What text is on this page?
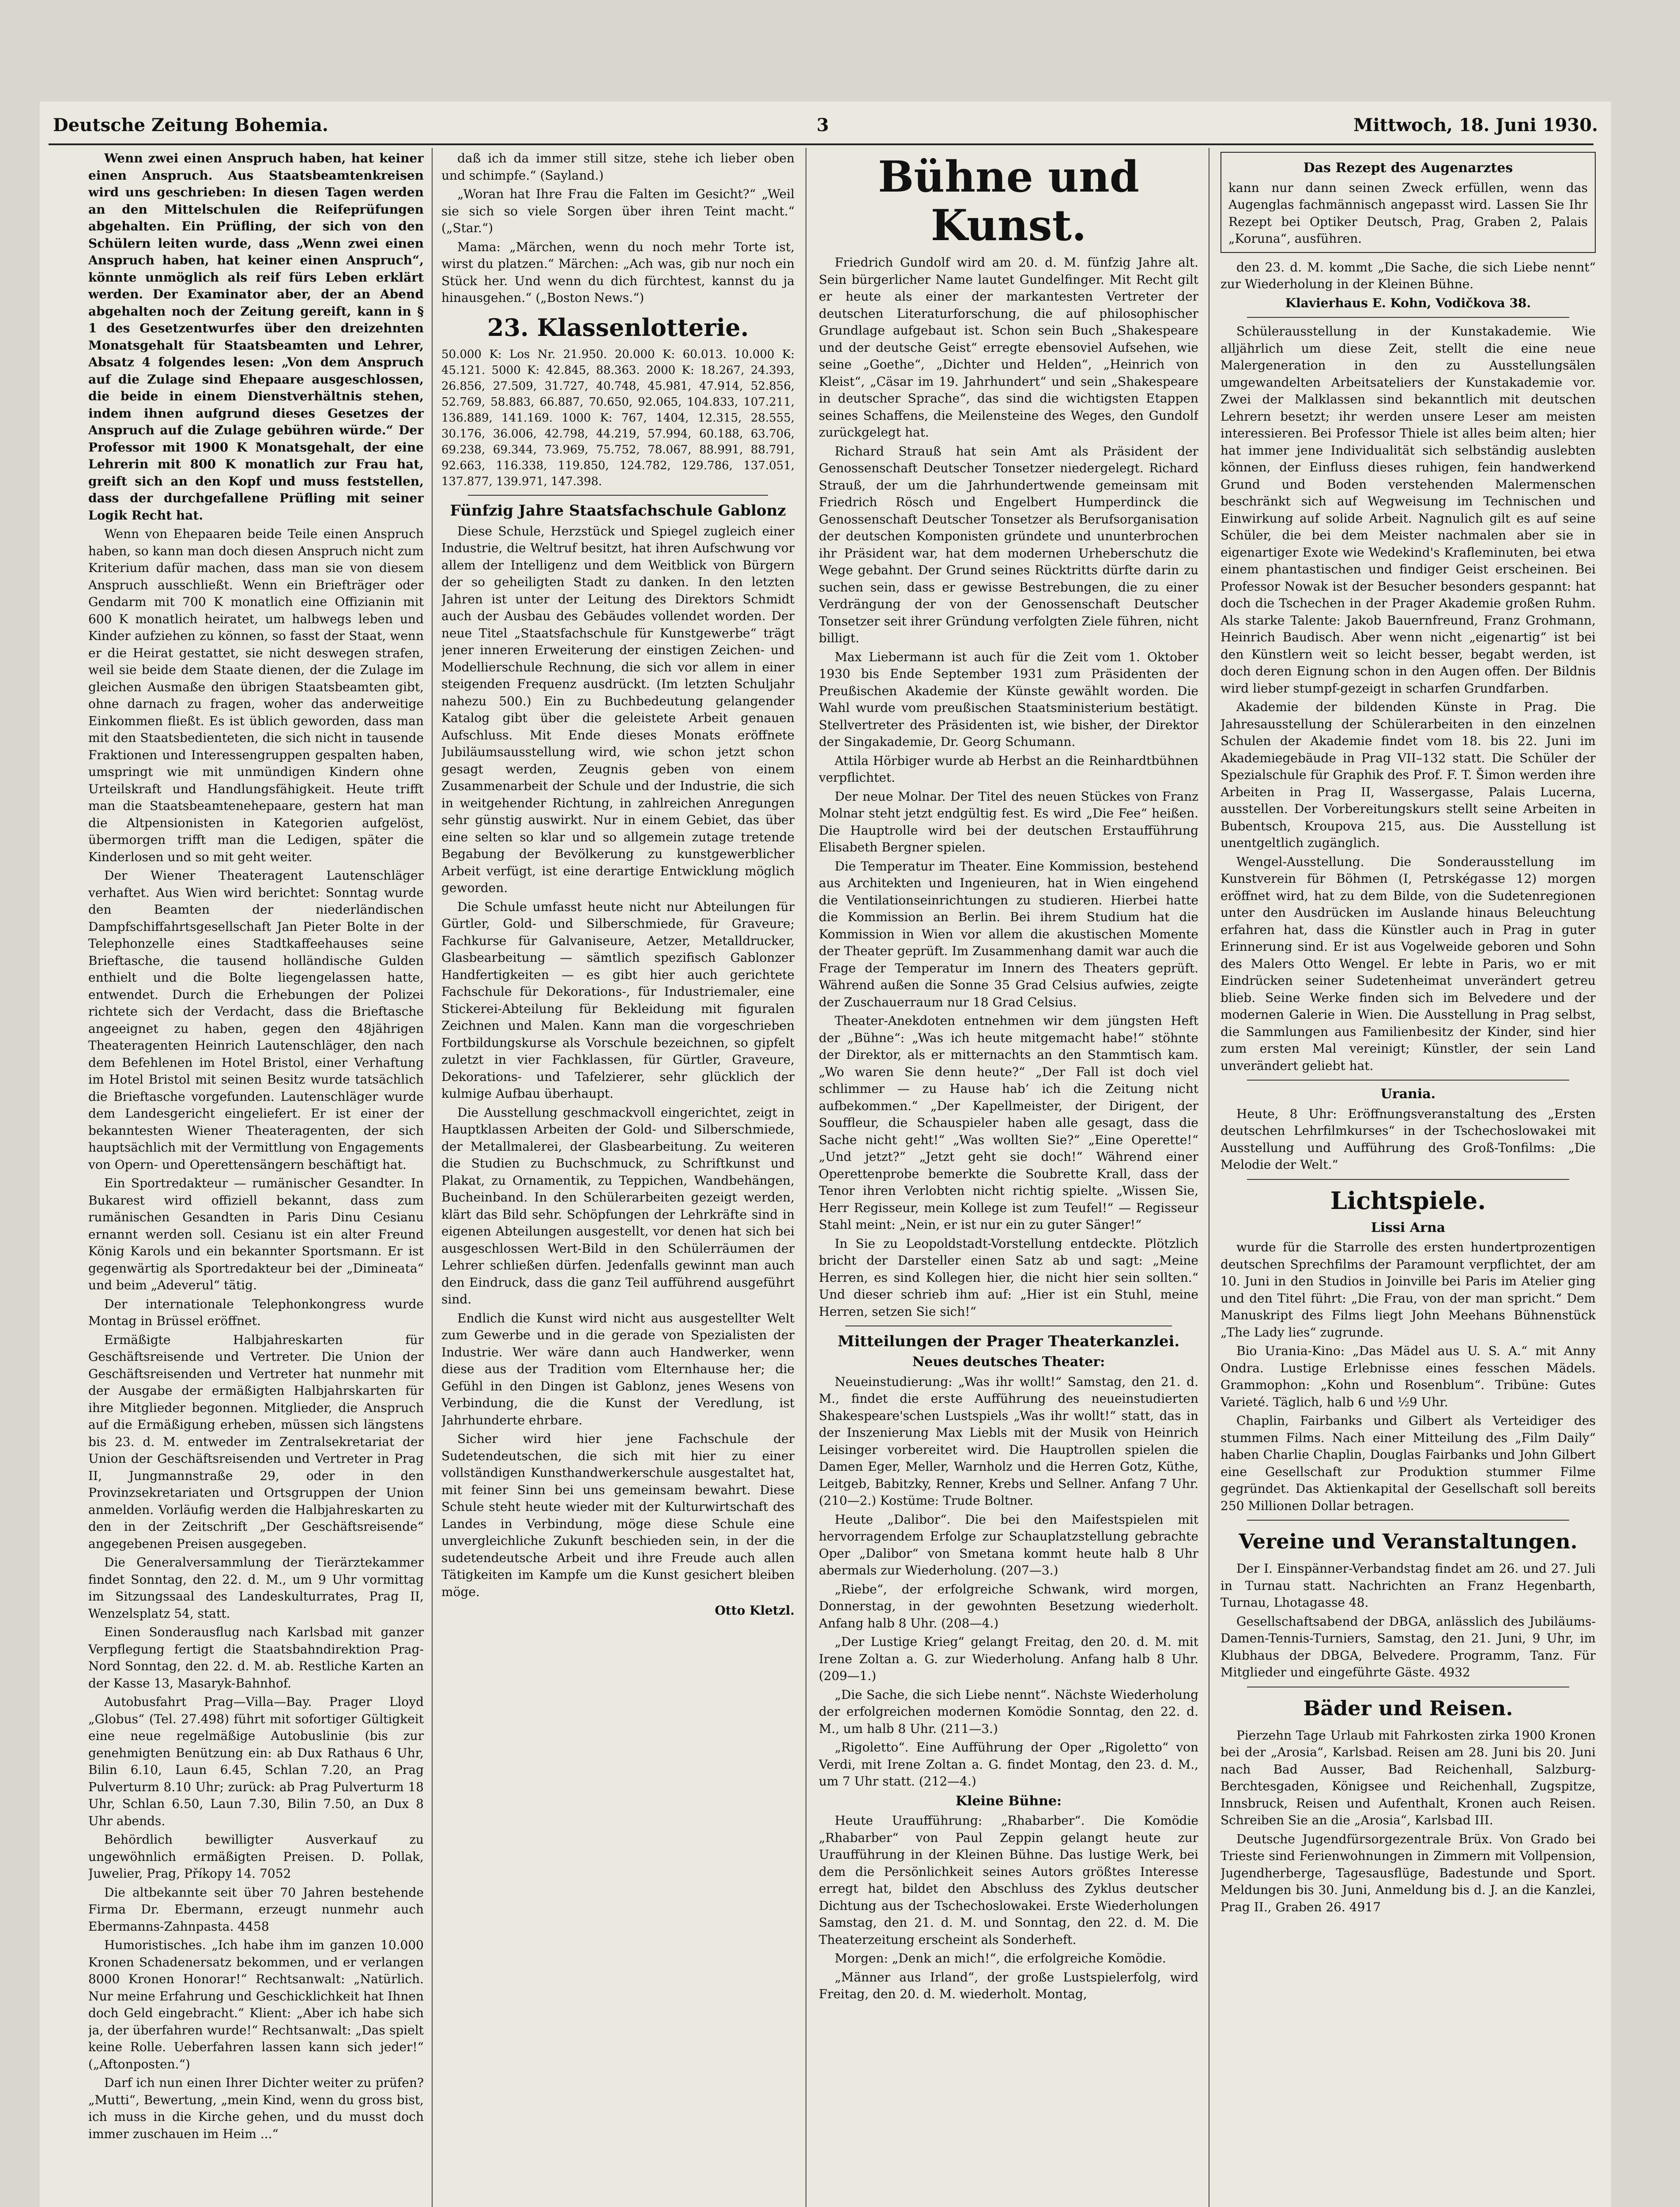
Deutsche Zeitung Bohemia.	3	Mittwoch, 18. Juni 1930.

Wenn zwei einen Anspruch haben, hat keiner einen Anspruch. Aus Staatsbeamtenkreisen wird uns geschrieben: In diesen Tagen werden an den Mittelschulen die Reifeprüfungen abgehalten. Ein Prüfling, der sich von den Schülern leiten wurde, dass „Wenn zwei einen Anspruch haben, hat keiner einen Anspruch“, könnte unmöglich als reif fürs Leben erklärt werden. Der Examinator aber, der an Abend abgehalten noch der Zeitung gereift, kann in § 1 des Gesetzentwurfes über den dreizehnten Monatsgehalt für Staatsbeamten und Lehrer, Absatz 4 folgendes lesen: „Von dem Anspruch auf die Zulage sind Ehepaare ausgeschlossen, die beide in einem Dienstverhältnis stehen, indem ihnen aufgrund dieses Gesetzes der Anspruch auf die Zulage gebühren würde.“ Der Professor mit 1900 K Monatsgehalt, der eine Lehrerin mit 800 K monatlich zur Frau hat, greift sich an den Kopf und muss feststellen, dass der durchgefallene Prüfling mit seiner Logik Recht hat.

Wenn von Ehepaaren beide Teile einen Anspruch haben, so kann man doch diesen Anspruch nicht zum Kriterium dafür machen, dass man sie von diesem Anspruch ausschließt. Wenn ein Briefträger oder Gendarm mit 700 K monatlich eine Offizianin mit 600 K monatlich heiratet, um halbwegs leben und Kinder aufziehen zu können, so fasst der Staat, wenn er die Heirat gestattet, sie nicht deswegen strafen, weil sie beide dem Staate dienen, der die Zulage im gleichen Ausmaße den übrigen Staatsbeamten gibt, ohne darnach zu fragen, woher das anderweitige Einkommen fließt. Es ist üblich geworden, dass man mit den Staatsbedienteten, die sich nicht in tausende Fraktionen und Interessengruppen gespalten haben, umspringt wie mit unmündigen Kindern ohne Urteilskraft und Handlungsfähigkeit. Heute trifft man die Staatsbeamtenehepaare, gestern hat man die Altpensionisten in Kategorien aufgelöst, übermorgen trifft man die Ledigen, später die Kinderlosen und so mit geht weiter.

Der Wiener Theateragent Lautenschläger verhaftet. Aus Wien wird berichtet: Sonntag wurde den Beamten der niederländischen Dampfschiffahrtsgesellschaft Jan Pieter Bolte in der Telephonzelle eines Stadtkaffeehauses seine Brieftasche, die tausend holländische Gulden enthielt und die Bolte liegengelassen hatte, entwendet. Durch die Erhebungen der Polizei richtete sich der Verdacht, dass die Brieftasche angeeignet zu haben, gegen den 48jährigen Theateragenten Heinrich Lautenschläger, den nach dem Befehlenen im Hotel Bristol, einer Verhaftung im Hotel Bristol mit seinen Besitz wurde tatsächlich die Brieftasche vorgefunden. Lautenschläger wurde dem Landesgericht eingeliefert. Er ist einer der bekanntesten Wiener Theateragenten, der sich hauptsächlich mit der Vermittlung von Engagements von Opern- und Operettensängern beschäftigt hat.

Ein Sportredakteur — rumänischer Gesandter. In Bukarest wird offiziell bekannt, dass zum rumänischen Gesandten in Paris Dinu Cesianu ernannt werden soll. Cesianu ist ein alter Freund König Karols und ein bekannter Sportsmann. Er ist gegenwärtig als Sportredakteur bei der „Dimineata“ und beim „Adeverul“ tätig.

Der internationale Telephonkongress wurde Montag in Brüssel eröffnet.

Ermäßigte Halbjahreskarten für Geschäftsreisende und Vertreter. Die Union der Geschäftsreisenden und Vertreter hat nunmehr mit der Ausgabe der ermäßigten Halbjahrskarten für ihre Mitglieder begonnen. Mitglieder, die Anspruch auf die Ermäßigung erheben, müssen sich längstens bis 23. d. M. entweder im Zentralsekretariat der Union der Geschäftsreisenden und Vertreter in Prag II, Jungmannstraße 29, oder in den Provinzsekretariaten und Ortsgruppen der Union anmelden. Vorläufig werden die Halbjahreskarten zu den in der Zeitschrift „Der Geschäftsreisende“ angegebenen Preisen ausgegeben.

Die Generalversammlung der Tierärztekammer findet Sonntag, den 22. d. M., um 9 Uhr vormittag im Sitzungssaal des Landeskulturrates, Prag II, Wenzelsplatz 54, statt.

Einen Sonderausflug nach Karlsbad mit ganzer Verpflegung fertigt die Staatsbahndirektion Prag-Nord Sonntag, den 22. d. M. ab. Restliche Karten an der Kasse 13, Masaryk-Bahnhof.

Autobusfahrt Prag—Villa—Bay. Prager Lloyd „Globus“ (Tel. 27.498) führt mit sofortiger Gültigkeit eine neue regelmäßige Autobuslinie (bis zur genehmigten Benützung ein: ab Dux Rathaus 6 Uhr, Bilin 6.10, Laun 6.45, Schlan 7.20, an Prag Pulverturm 8.10 Uhr; zurück: ab Prag Pulverturm 18 Uhr, Schlan 6.50, Laun 7.30, Bilin 7.50, an Dux 8 Uhr abends.

Behördlich bewilligter Ausverkauf zu ungewöhnlich ermäßigten Preisen. D. Pollak, Juwelier, Prag, Příkopy 14. 7052

Die altbekannte seit über 70 Jahren bestehende Firma Dr. Ebermann, erzeugt nunmehr auch Ebermanns-Zahnpasta. 4458

Humoristisches. „Ich habe ihm im ganzen 10.000 Kronen Schadenersatz bekommen, und er verlangen 8000 Kronen Honorar!“ Rechtsanwalt: „Natürlich. Nur meine Erfahrung und Geschicklichkeit hat Ihnen doch Geld eingebracht.“ Klient: „Aber ich habe sich ja, der überfahren wurde!“ Rechtsanwalt: „Das spielt keine Rolle. Ueberfahren lassen kann sich jeder!“ („Aftonposten.“)

Darf ich nun einen Ihrer Dichter weiter zu prüfen? „Mutti“, Bewertung, „mein Kind, wenn du gross bist, ich muss in die Kirche gehen, und du musst doch immer zuschauen im Heim ...“

daß ich da immer still sitze, stehe ich lieber oben und schimpfe.“ (Sayland.)

„Woran hat Ihre Frau die Falten im Gesicht?“ „Weil sie sich so viele Sorgen über ihren Teint macht.“ („Star.“)

Mama: „Märchen, wenn du noch mehr Torte ist, wirst du platzen.“ Märchen: „Ach was, gib nur noch ein Stück her. Und wenn du dich fürchtest, kannst du ja hinausgehen.“ („Boston News.“)

23. Klassenlotterie.
50.000 K: Los Nr. 21.950. 20.000 K: 60.013. 10.000 K: 45.121. 5000 K: 42.845, 88.363. 2000 K: 18.267, 24.393, 26.856, 27.509, 31.727, 40.748, 45.981, 47.914, 52.856, 52.769, 58.883, 66.887, 70.650, 92.065, 104.833, 107.211, 136.889, 141.169. 1000 K: 767, 1404, 12.315, 28.555, 30.176, 36.006, 42.798, 44.219, 57.994, 60.188, 63.706, 69.238, 69.344, 73.969, 75.752, 78.067, 88.991, 88.791, 92.663, 116.338, 119.850, 124.782, 129.786, 137.051, 137.877, 139.971, 147.398.
Fünfzig Jahre Staatsfachschule Gablonz

Diese Schule, Herzstück und Spiegel zugleich einer Industrie, die Weltruf besitzt, hat ihren Aufschwung vor allem der Intelligenz und dem Weitblick von Bürgern der so geheiligten Stadt zu danken. In den letzten Jahren ist unter der Leitung des Direktors Schmidt auch der Ausbau des Gebäudes vollendet worden. Der neue Titel „Staatsfachschule für Kunstgewerbe“ trägt jener inneren Erweiterung der einstigen Zeichen- und Modellierschule Rechnung, die sich vor allem in einer steigenden Frequenz ausdrückt. (Im letzten Schuljahr nahezu 500.) Ein zu Buchbedeutung gelangender Katalog gibt über die geleistete Arbeit genauen Aufschluss. Mit Ende dieses Monats eröffnete Jubiläumsausstellung wird, wie schon jetzt schon gesagt werden, Zeugnis geben von einem Zusammenarbeit der Schule und der Industrie, die sich in weitgehender Richtung, in zahlreichen Anregungen sehr günstig auswirkt. Nur in einem Gebiet, das über eine selten so klar und so allgemein zutage tretende Begabung der Bevölkerung zu kunstgewerblicher Arbeit verfügt, ist eine derartige Entwicklung möglich geworden.

Die Schule umfasst heute nicht nur Abteilungen für Gürtler, Gold- und Silberschmiede, für Graveure; Fachkurse für Galvaniseure, Aetzer, Metalldrucker, Glasbearbeitung — sämtlich spezifisch Gablonzer Handfertigkeiten — es gibt hier auch gerichtete Fachschule für Dekorations-, für Industriemaler, eine Stickerei-Abteilung für Bekleidung mit figuralen Zeichnen und Malen. Kann man die vorgeschrieben Fortbildungskurse als Vorschule bezeichnen, so gipfelt zuletzt in vier Fachklassen, für Gürtler, Graveure, Dekorations- und Tafelzierer, sehr glücklich der kulmige Aufbau überhaupt.

Die Ausstellung geschmackvoll eingerichtet, zeigt in Hauptklassen Arbeiten der Gold- und Silberschmiede, der Metallmalerei, der Glasbearbeitung. Zu weiteren die Studien zu Buchschmuck, zu Schriftkunst und Plakat, zu Ornamentik, zu Teppichen, Wandbehängen, Bucheinband. In den Schülerarbeiten gezeigt werden, klärt das Bild sehr. Schöpfungen der Lehrkräfte sind in eigenen Abteilungen ausgestellt, vor denen hat sich bei ausgeschlossen Wert-Bild in den Schülerräumen der Lehrer schließen dürfen. Jedenfalls gewinnt man auch den Eindruck, dass die ganz Teil aufführend ausgeführt sind.

Endlich die Kunst wird nicht aus ausgestellter Welt zum Gewerbe und in die gerade von Spezialisten der Industrie. Wer wäre dann auch Handwerker, wenn diese aus der Tradition vom Elternhause her; die Gefühl in den Dingen ist Gablonz, jenes Wesens von Verbindung, die die Kunst der Veredlung, ist Jahrhunderte ehrbare.

Sicher wird hier jene Fachschule der Sudetendeutschen, die sich mit hier zu einer vollständigen Kunsthandwerkerschule ausgestaltet hat, mit feiner Sinn bei uns gemeinsam bewahrt. Diese Schule steht heute wieder mit der Kulturwirtschaft des Landes in Verbindung, möge diese Schule eine unvergleichliche Zukunft beschieden sein, in der die sudetendeutsche Arbeit und ihre Freude auch allen Tätigkeiten im Kampfe um die Kunst gesichert bleiben möge.

Otto Kletzl.
Bühne und Kunst.

Friedrich Gundolf wird am 20. d. M. fünfzig Jahre alt. Sein bürgerlicher Name lautet Gundelfinger. Mit Recht gilt er heute als einer der markantesten Vertreter der deutschen Literaturforschung, die auf philosophischer Grundlage aufgebaut ist. Schon sein Buch „Shakespeare und der deutsche Geist“ erregte ebensoviel Aufsehen, wie seine „Goethe“, „Dichter und Helden“, „Heinrich von Kleist“, „Cäsar im 19. Jahrhundert“ und sein „Shakespeare in deutscher Sprache“, das sind die wichtigsten Etappen seines Schaffens, die Meilensteine des Weges, den Gundolf zurückgelegt hat.

Richard Strauß hat sein Amt als Präsident der Genossenschaft Deutscher Tonsetzer niedergelegt. Richard Strauß, der um die Jahrhundertwende gemeinsam mit Friedrich Rösch und Engelbert Humperdinck die Genossenschaft Deutscher Tonsetzer als Berufsorganisation der deutschen Komponisten gründete und ununterbrochen ihr Präsident war, hat dem modernen Urheberschutz die Wege gebahnt. Der Grund seines Rücktritts dürfte darin zu suchen sein, dass er gewisse Bestrebungen, die zu einer Verdrängung der von der Genossenschaft Deutscher Tonsetzer seit ihrer Gründung verfolgten Ziele führen, nicht billigt.

Max Liebermann ist auch für die Zeit vom 1. Oktober 1930 bis Ende September 1931 zum Präsidenten der Preußischen Akademie der Künste gewählt worden. Die Wahl wurde vom preußischen Staatsministerium bestätigt. Stellvertreter des Präsidenten ist, wie bisher, der Direktor der Singakademie, Dr. Georg Schumann.

Attila Hörbiger wurde ab Herbst an die Reinhardtbühnen verpflichtet.

Der neue Molnar. Der Titel des neuen Stückes von Franz Molnar steht jetzt endgültig fest. Es wird „Die Fee“ heißen. Die Hauptrolle wird bei der deutschen Erstaufführung Elisabeth Bergner spielen.

Die Temperatur im Theater. Eine Kommission, bestehend aus Architekten und Ingenieuren, hat in Wien eingehend die Ventilationseinrichtungen zu studieren. Hierbei hatte die Kommission an Berlin. Bei ihrem Studium hat die Kommission in Wien vor allem die akustischen Momente der Theater geprüft. Im Zusammenhang damit war auch die Frage der Temperatur im Innern des Theaters geprüft. Während außen die Sonne 35 Grad Celsius aufwies, zeigte der Zuschauerraum nur 18 Grad Celsius.

Theater-Anekdoten entnehmen wir dem jüngsten Heft der „Bühne“: „Was ich heute mitgemacht habe!“ stöhnte der Direktor, als er mitternachts an den Stammtisch kam. „Wo waren Sie denn heute?“ „Der Fall ist doch viel schlimmer — zu Hause hab’ ich die Zeitung nicht aufbekommen.“ „Der Kapellmeister, der Dirigent, der Souffleur, die Schauspieler haben alle gesagt, dass die Sache nicht geht!“ „Was wollten Sie?“ „Eine Operette!“ „Und jetzt?“ „Jetzt geht sie doch!“ Während einer Operettenprobe bemerkte die Soubrette Krall, dass der Tenor ihren Verlobten nicht richtig spielte. „Wissen Sie, Herr Regisseur, mein Kollege ist zum Teufel!“ — Regisseur Stahl meint: „Nein, er ist nur ein zu guter Sänger!“

In Sie zu Leopoldstadt-Vorstellung entdeckte. Plötzlich bricht der Darsteller einen Satz ab und sagt: „Meine Herren, es sind Kollegen hier, die nicht hier sein sollten.“ Und dieser schrieb ihm auf: „Hier ist ein Stuhl, meine Herren, setzen Sie sich!“

Mitteilungen der Prager Theaterkanzlei.
Neues deutsches Theater:

Neueinstudierung: „Was ihr wollt!“ Samstag, den 21. d. M., findet die erste Aufführung des neueinstudierten Shakespeare'schen Lustspiels „Was ihr wollt!“ statt, das in der Inszenierung Max Liebls mit der Musik von Heinrich Leisinger vorbereitet wird. Die Hauptrollen spielen die Damen Eger, Meller, Warnholz und die Herren Gotz, Küthe, Leitgeb, Babitzky, Renner, Krebs und Sellner. Anfang 7 Uhr. (210—2.) Kostüme: Trude Boltner.

Heute „Dalibor“. Die bei den Maifestspielen mit hervorragendem Erfolge zur Schauplatzstellung gebrachte Oper „Dalibor“ von Smetana kommt heute halb 8 Uhr abermals zur Wiederholung. (207—3.)

„Riebe“, der erfolgreiche Schwank, wird morgen, Donnerstag, in der gewohnten Besetzung wiederholt. Anfang halb 8 Uhr. (208—4.)

„Der Lustige Krieg“ gelangt Freitag, den 20. d. M. mit Irene Zoltan a. G. zur Wiederholung. Anfang halb 8 Uhr. (209—1.)

„Die Sache, die sich Liebe nennt“. Nächste Wiederholung der erfolgreichen modernen Komödie Sonntag, den 22. d. M., um halb 8 Uhr. (211—3.)

„Rigoletto“. Eine Aufführung der Oper „Rigoletto“ von Verdi, mit Irene Zoltan a. G. findet Montag, den 23. d. M., um 7 Uhr statt. (212—4.)

Kleine Bühne:

Heute Uraufführung: „Rhabarber“. Die Komödie „Rhabarber“ von Paul Zeppin gelangt heute zur Uraufführung in der Kleinen Bühne. Das lustige Werk, bei dem die Persönlichkeit seines Autors größtes Interesse erregt hat, bildet den Abschluss des Zyklus deutscher Dichtung aus der Tschechoslowakei. Erste Wiederholungen Samstag, den 21. d. M. und Sonntag, den 22. d. M. Die Theaterzeitung erscheint als Sonderheft.

Morgen: „Denk an mich!“, die erfolgreiche Komödie.

„Männer aus Irland“, der große Lustspielerfolg, wird Freitag, den 20. d. M. wiederholt. Montag,

Das Rezept des Augenarztes
kann nur dann seinen Zweck erfüllen, wenn das Augenglas fachmännisch angepasst wird. Lassen Sie Ihr Rezept bei Optiker Deutsch, Prag, Graben 2, Palais „Koruna“, ausführen.

den 23. d. M. kommt „Die Sache, die sich Liebe nennt“ zur Wiederholung in der Kleinen Bühne.

Klavierhaus E. Kohn, Vodičkova 38.

Schülerausstellung in der Kunstakademie. Wie alljährlich um diese Zeit, stellt die eine neue Malergeneration in den zu Ausstellungsälen umgewandelten Arbeitsateliers der Kunstakademie vor. Zwei der Malklassen sind bekanntlich mit deutschen Lehrern besetzt; ihr werden unsere Leser am meisten interessieren. Bei Professor Thiele ist alles beim alten; hier hat immer jene Individualität sich selbständig auslebten können, der Einfluss dieses ruhigen, fein handwerkend Grund und Boden verstehenden Malermenschen beschränkt sich auf Wegweisung im Technischen und Einwirkung auf solide Arbeit. Nagnulich gilt es auf seine Schüler, die bei dem Meister nachmalen aber sie in eigenartiger Exote wie Wedekind's Krafleminuten, bei etwa einem phantastischen und findiger Geist erscheinen. Bei Professor Nowak ist der Besucher besonders gespannt: hat doch die Tschechen in der Prager Akademie großen Ruhm. Als starke Talente: Jakob Bauernfreund, Franz Grohmann, Heinrich Baudisch. Aber wenn nicht „eigenartig“ ist bei den Künstlern weit so leicht besser, begabt werden, ist doch deren Eignung schon in den Augen offen. Der Bildnis wird lieber stumpf-gezeigt in scharfen Grundfarben.

Akademie der bildenden Künste in Prag. Die Jahresausstellung der Schülerarbeiten in den einzelnen Schulen der Akademie findet vom 18. bis 22. Juni im Akademiegebäude in Prag VII–132 statt. Die Schüler der Spezialschule für Graphik des Prof. F. T. Šimon werden ihre Arbeiten in Prag II, Wassergasse, Palais Lucerna, ausstellen. Der Vorbereitungskurs stellt seine Arbeiten in Bubentsch, Kroupova 215, aus. Die Ausstellung ist unentgeltlich zugänglich.

Wengel-Ausstellung. Die Sonderausstellung im Kunstverein für Böhmen (I, Petrskégasse 12) morgen eröffnet wird, hat zu dem Bilde, von die Sudetenregionen unter den Ausdrücken im Auslande hinaus Beleuchtung erfahren hat, dass die Künstler auch in Prag in guter Erinnerung sind. Er ist aus Vogelweide geboren und Sohn des Malers Otto Wengel. Er lebte in Paris, wo er mit Eindrücken seiner Sudetenheimat unverändert getreu blieb. Seine Werke finden sich im Belvedere und der modernen Galerie in Wien. Die Ausstellung in Prag selbst, die Sammlungen aus Familienbesitz der Kinder, sind hier zum ersten Mal vereinigt; Künstler, der sein Land unverändert geliebt hat.

Urania.

Heute, 8 Uhr: Eröffnungsveranstaltung des „Ersten deutschen Lehrfilmkurses“ in der Tschechoslowakei mit Ausstellung und Aufführung des Groß-Tonfilms: „Die Melodie der Welt.“

Lichtspiele.
Lissi Arna

wurde für die Starrolle des ersten hundertprozentigen deutschen Sprechfilms der Paramount verpflichtet, der am 10. Juni in den Studios in Joinville bei Paris im Atelier ging und den Titel führt: „Die Frau, von der man spricht.“ Dem Manuskript des Films liegt John Meehans Bühnenstück „The Lady lies“ zugrunde.

Bio Urania-Kino: „Das Mädel aus U. S. A.“ mit Anny Ondra. Lustige Erlebnisse eines fesschen Mädels. Grammophon: „Kohn und Rosenblum“. Tribüne: Gutes Varieté. Täglich, halb 6 und ½9 Uhr.

Chaplin, Fairbanks und Gilbert als Verteidiger des stummen Films. Nach einer Mitteilung des „Film Daily“ haben Charlie Chaplin, Douglas Fairbanks und John Gilbert eine Gesellschaft zur Produktion stummer Filme gegründet. Das Aktienkapital der Gesellschaft soll bereits 250 Millionen Dollar betragen.

Vereine und Veranstaltungen.

Der I. Einspänner-Verbandstag findet am 26. und 27. Juli in Turnau statt. Nachrichten an Franz Hegenbarth, Turnau, Lhotagasse 48.

Gesellschaftsabend der DBGA, anlässlich des Jubiläums-Damen-Tennis-Turniers, Samstag, den 21. Juni, 9 Uhr, im Klubhaus der DBGA, Belvedere. Programm, Tanz. Für Mitglieder und eingeführte Gäste. 4932

Bäder und Reisen.

Pierzehn Tage Urlaub mit Fahrkosten zirka 1900 Kronen bei der „Arosia“, Karlsbad. Reisen am 28. Juni bis 20. Juni nach Bad Ausser, Bad Reichenhall, Salzburg-Berchtesgaden, Königsee und Reichenhall, Zugspitze, Innsbruck, Reisen und Aufenthalt, Kronen auch Reisen. Schreiben Sie an die „Arosia“, Karlsbad III.

Deutsche Jugendfürsorgezentrale Brüx. Von Grado bei Trieste sind Ferienwohnungen in Zimmern mit Vollpension, Jugendherberge, Tagesausflüge, Badestunde und Sport. Meldungen bis 30. Juni, Anmeldung bis d. J. an die Kanzlei, Prag II., Graben 26. 4917
